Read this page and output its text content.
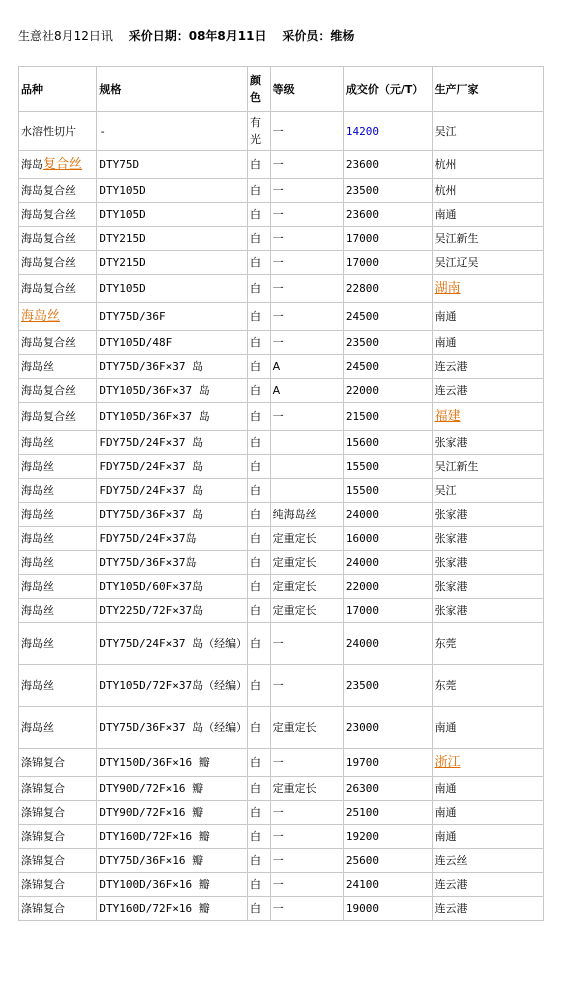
生意社8月12日讯 采价日期：08年8月11日 采价员：维杨
品种	规格	颜色	等级	成交价（元/T）	生产厂家
水溶性切片	-	有光	一	14200	吴江
海岛复合丝	DTY75D	白	一	23600	杭州
海岛复合丝	DTY105D	白	一	23500	杭州
海岛复合丝	DTY105D	白	一	23600	南通
海岛复合丝	DTY215D	白	一	17000	吴江新生
海岛复合丝	DTY215D	白	一	17000	吴江辽吴
海岛复合丝	DTY105D	白	一	22800	湖南
海岛丝	DTY75D/36F	白	一	24500	南通
海岛复合丝	DTY105D/48F	白	一	23500	南通
海岛丝	DTY75D/36F×37 岛	白	A	24500	连云港
海岛复合丝	DTY105D/36F×37 岛	白	A	22000	连云港
海岛复合丝	DTY105D/36F×37 岛	白	一	21500	福建
海岛丝	FDY75D/24F×37 岛	白		15600	张家港
海岛丝	FDY75D/24F×37 岛	白		15500	吴江新生
海岛丝	FDY75D/24F×37 岛	白		15500	吴江
海岛丝	DTY75D/36F×37 岛	白	纯海岛丝	24000	张家港
海岛丝	FDY75D/24F×37岛	白	定重定长	16000	张家港
海岛丝	DTY75D/36F×37岛	白	定重定长	24000	张家港
海岛丝	DTY105D/60F×37岛	白	定重定长	22000	张家港
海岛丝	DTY225D/72F×37岛	白	定重定长	17000	张家港
海岛丝	DTY75D/24F×37 岛（经编）	白	一	24000	东莞
海岛丝	DTY105D/72F×37岛（经编）	白	一	23500	东莞
海岛丝	DTY75D/36F×37 岛（经编）	白	定重定长	23000	南通
涤锦复合	DTY150D/36F×16 瓣	白	一	19700	浙江
涤锦复合	DTY90D/72F×16 瓣	白	定重定长	26300	南通
涤锦复合	DTY90D/72F×16 瓣	白	一	25100	南通
涤锦复合	DTY160D/72F×16 瓣	白	一	19200	南通
涤锦复合	DTY75D/36F×16 瓣	白	一	25600	连云丝
涤锦复合	DTY100D/36F×16 瓣	白	一	24100	连云港
涤锦复合	DTY160D/72F×16 瓣	白	一	19000	连云港
